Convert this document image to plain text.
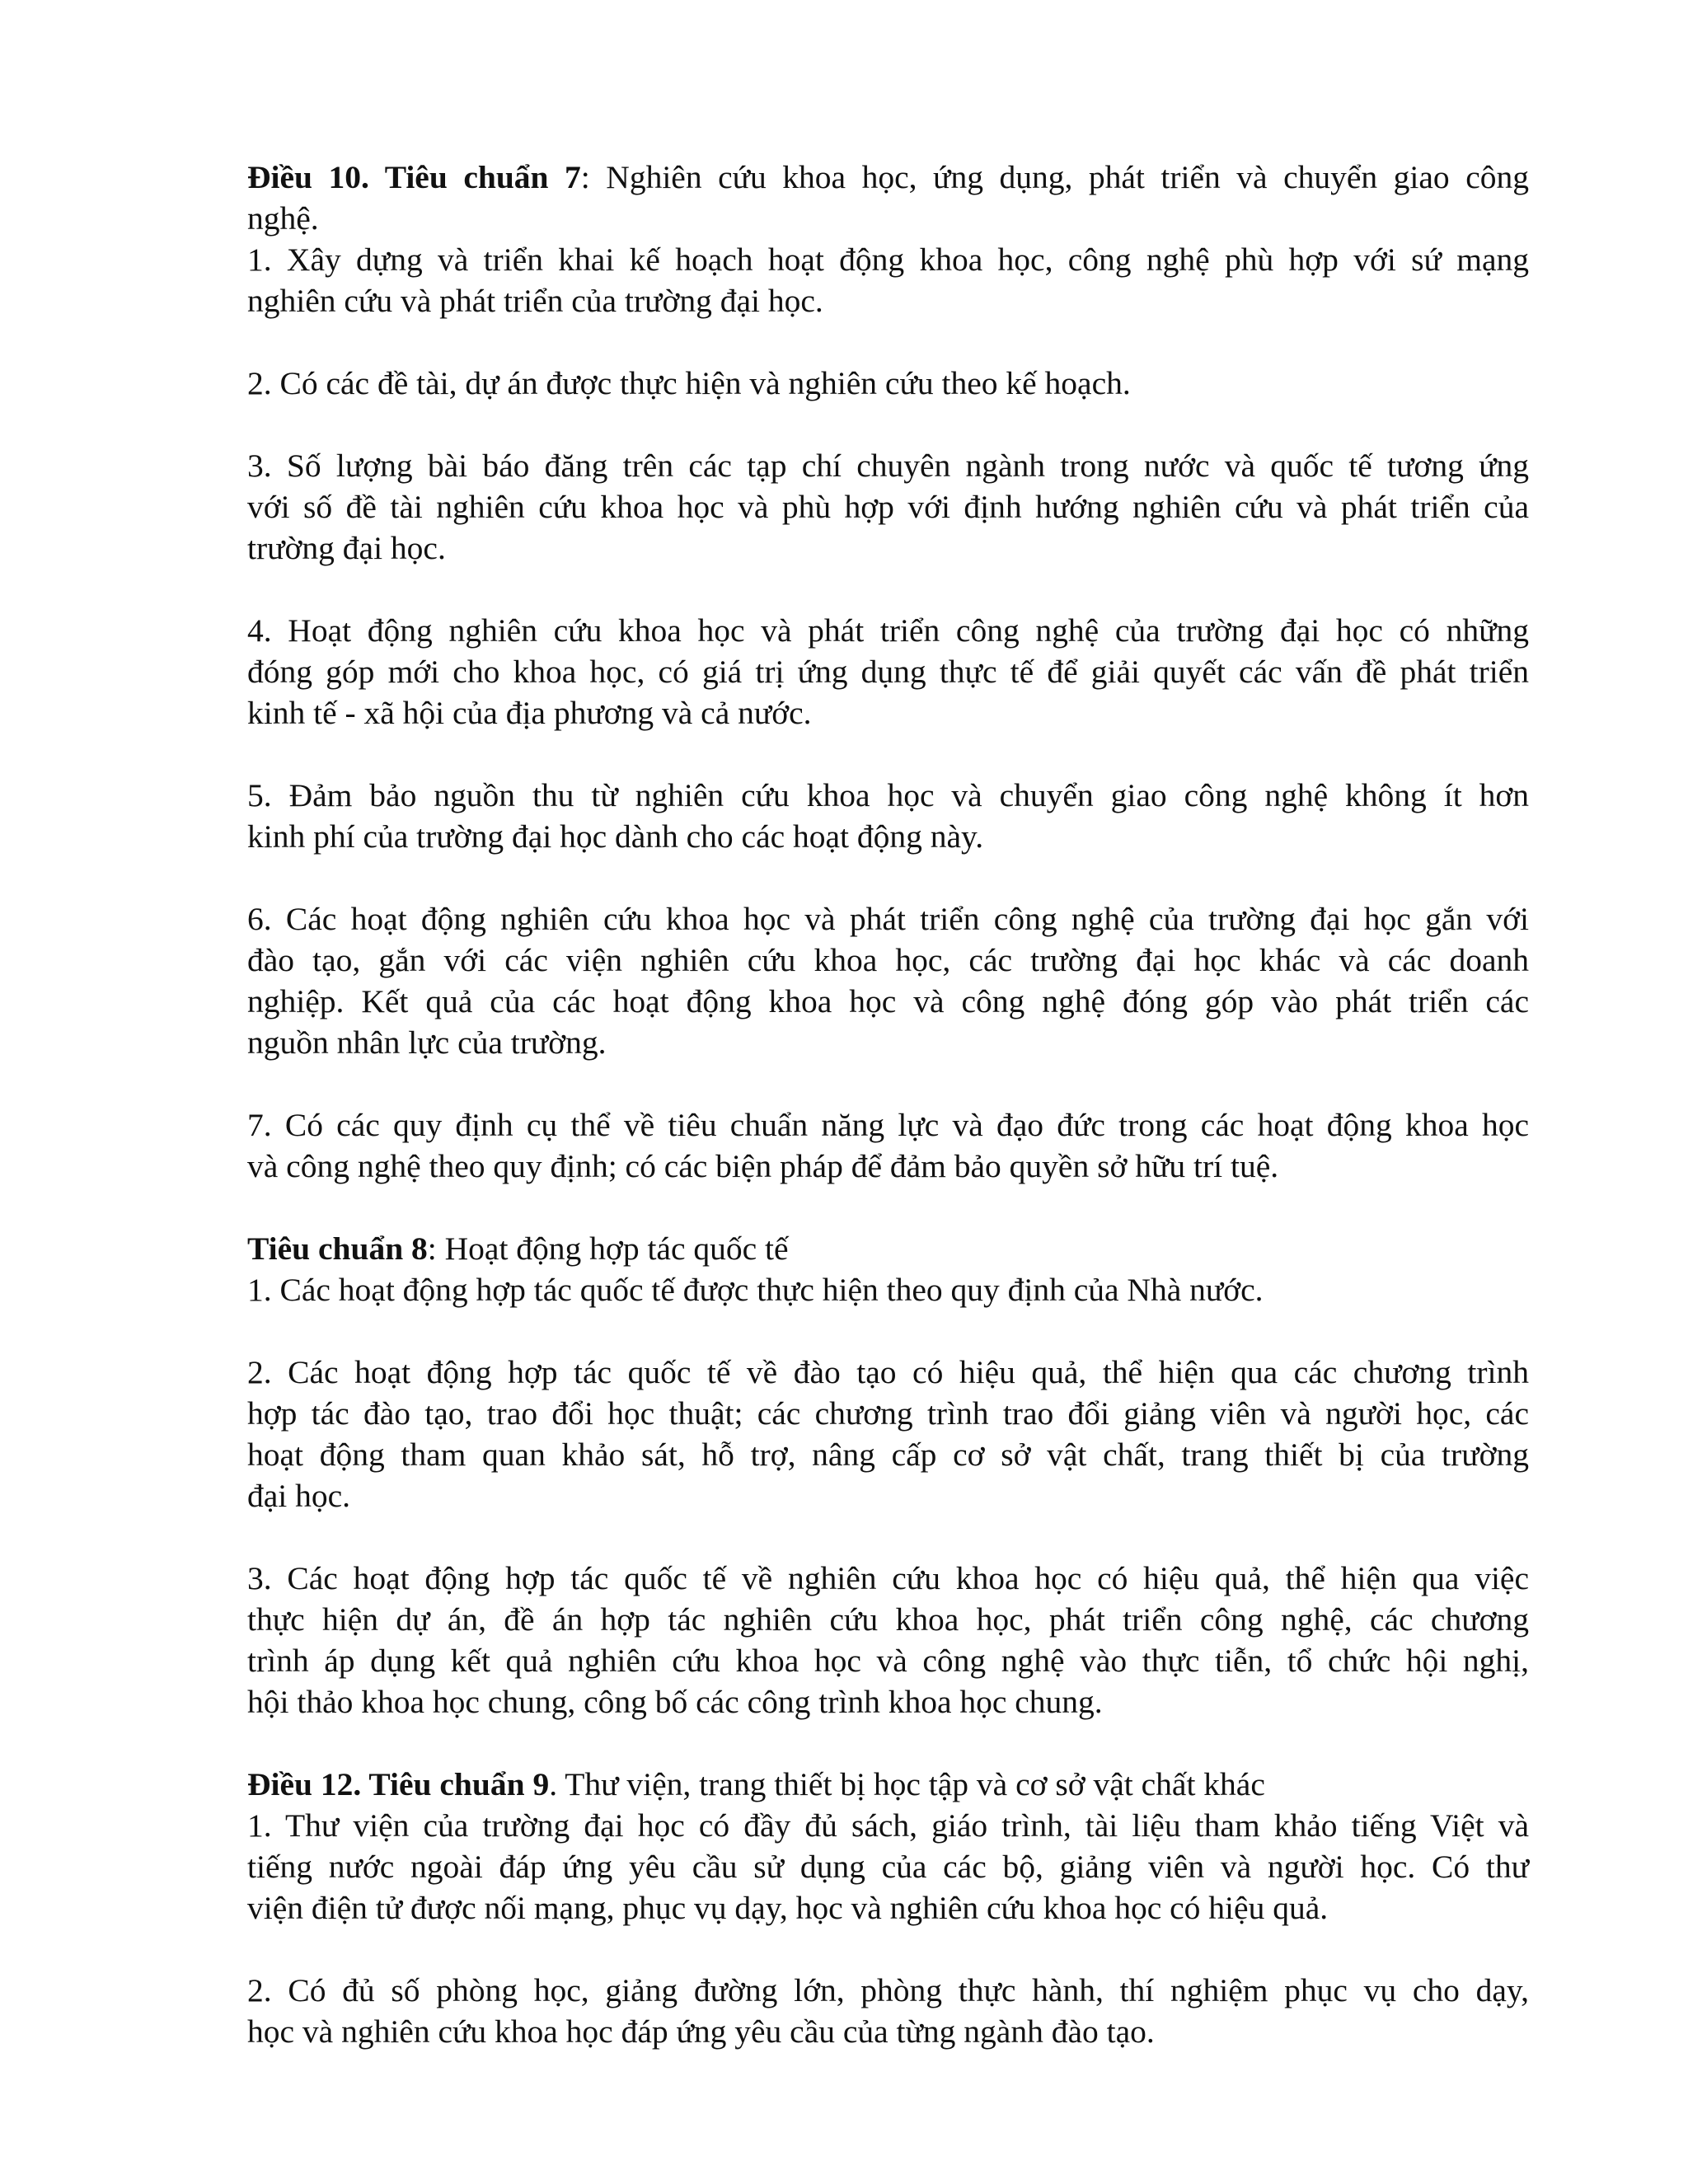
Điều 10. Tiêu chuẩn 7: Nghiên cứu khoa học, ứng dụng, phát triển và chuyển giao công
nghệ.
1. Xây dựng và triển khai kế hoạch hoạt động khoa học, công nghệ phù hợp với sứ mạng
nghiên cứu và phát triển của trường đại học.
2. Có các đề tài, dự án được thực hiện và nghiên cứu theo kế hoạch.
3. Số lượng bài báo đăng trên các tạp chí chuyên ngành trong nước và quốc tế tương ứng
với số đề tài nghiên cứu khoa học và phù hợp với định hướng nghiên cứu và phát triển của
trường đại học.
4. Hoạt động nghiên cứu khoa học và phát triển công nghệ của trường đại học có những
đóng góp mới cho khoa học, có giá trị ứng dụng thực tế để giải quyết các vấn đề phát triển
kinh tế - xã hội của địa phương và cả nước.
5. Đảm bảo nguồn thu từ nghiên cứu khoa học và chuyển giao công nghệ không ít hơn
kinh phí của trường đại học dành cho các hoạt động này.
6. Các hoạt động nghiên cứu khoa học và phát triển công nghệ của trường đại học gắn với
đào tạo, gắn với các viện nghiên cứu khoa học, các trường đại học khác và các doanh
nghiệp. Kết quả của các hoạt động khoa học và công nghệ đóng góp vào phát triển các
nguồn nhân lực của trường.
7. Có các quy định cụ thể về tiêu chuẩn năng lực và đạo đức trong các hoạt động khoa học
và công nghệ theo quy định; có các biện pháp để đảm bảo quyền sở hữu trí tuệ.
Tiêu chuẩn 8: Hoạt động hợp tác quốc tế
1. Các hoạt động hợp tác quốc tế được thực hiện theo quy định của Nhà nước.
2. Các hoạt động hợp tác quốc tế về đào tạo có hiệu quả, thể hiện qua các chương trình
hợp tác đào tạo, trao đổi học thuật; các chương trình trao đổi giảng viên và người học, các
hoạt động tham quan khảo sát, hỗ trợ, nâng cấp cơ sở vật chất, trang thiết bị của trường
đại học.
3. Các hoạt động hợp tác quốc tế về nghiên cứu khoa học có hiệu quả, thể hiện qua việc
thực hiện dự án, đề án hợp tác nghiên cứu khoa học, phát triển công nghệ, các chương
trình áp dụng kết quả nghiên cứu khoa học và công nghệ vào thực tiễn, tổ chức hội nghị,
hội thảo khoa học chung, công bố các công trình khoa học chung.
Điều 12. Tiêu chuẩn 9. Thư viện, trang thiết bị học tập và cơ sở vật chất khác
1. Thư viện của trường đại học có đầy đủ sách, giáo trình, tài liệu tham khảo tiếng Việt và
tiếng nước ngoài đáp ứng yêu cầu sử dụng của các bộ, giảng viên và người học. Có thư
viện điện tử được nối mạng, phục vụ dạy, học và nghiên cứu khoa học có hiệu quả.
2. Có đủ số phòng học, giảng đường lớn, phòng thực hành, thí nghiệm phục vụ cho dạy,
học và nghiên cứu khoa học đáp ứng yêu cầu của từng ngành đào tạo.
